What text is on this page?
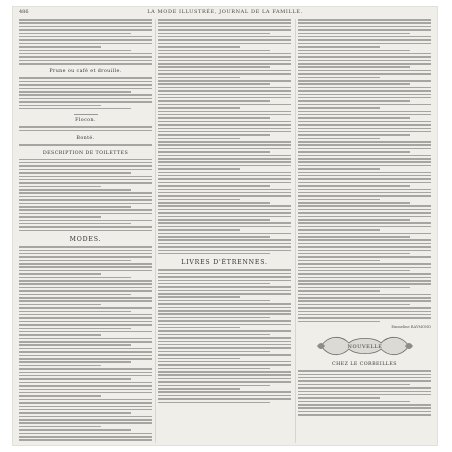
486	LA MODE ILLUSTRÉE, JOURNAL DE LA FAMILLE.
Prune ou café et drouille.
Flocon.
Bonté.
DESCRIPTION DE TOILETTES
MODES.
LIVRES D'ÉTRENNES.
Emmeline RAYMOND
NOUVELLE
CHEZ LE CORBEILLES
